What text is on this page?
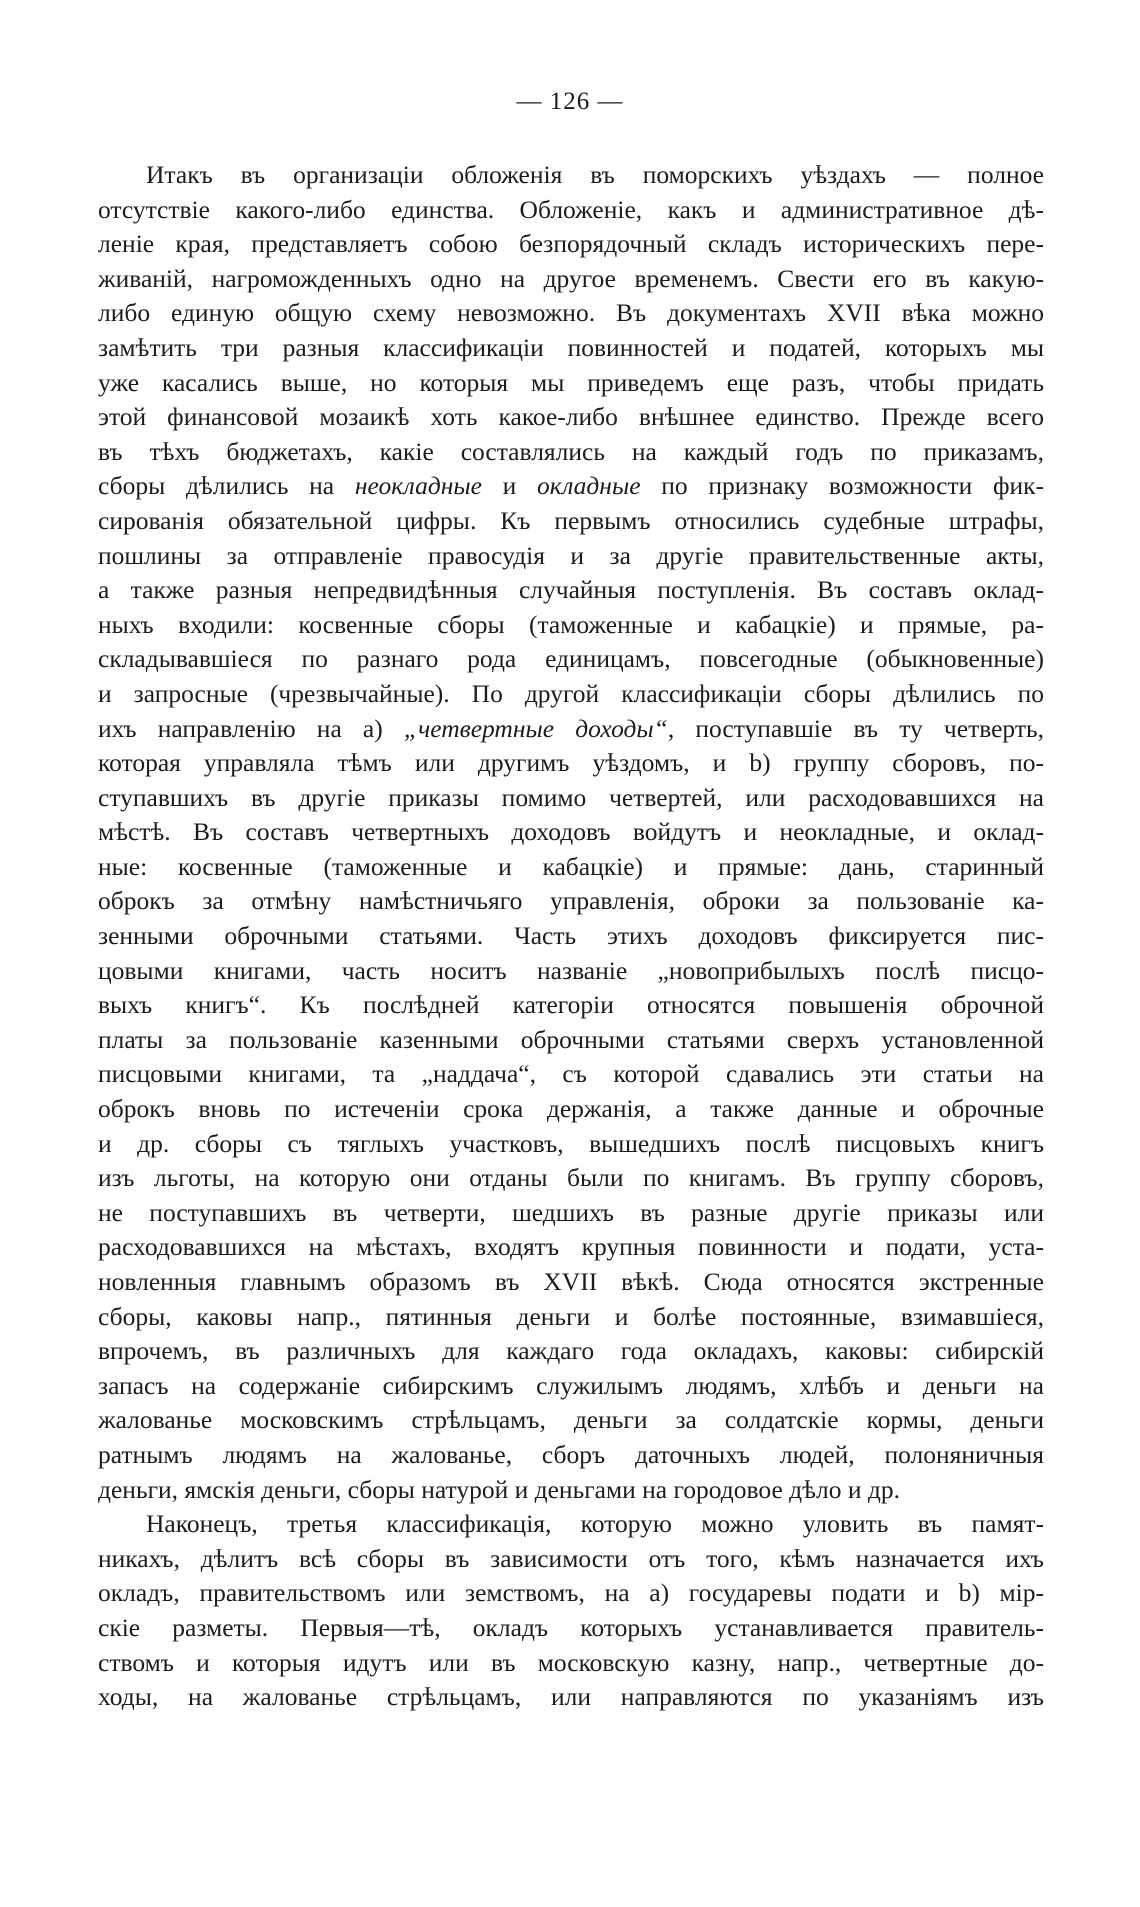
— 126 —
Итакъ въ организаціи обложенія въ поморскихъ уѣздахъ — полное
отсутствіе какого-либо единства. Обложеніе, какъ и административное дѣ-
леніе края, представляетъ собою безпорядочный складъ историческихъ пере-
живаній, нагроможденныхъ одно на другое временемъ. Свести его въ какую-
либо единую общую схему невозможно. Въ документахъ XVII вѣка можно
замѣтить три разныя классификаціи повинностей и податей, которыхъ мы
уже касались выше, но которыя мы приведемъ еще разъ, чтобы придать
этой финансовой мозаикѣ хоть какое-либо внѣшнее единство. Прежде всего
въ тѣхъ бюджетахъ, какіе составлялись на каждый годъ по приказамъ,
сборы дѣлились на неокладные и окладные по признаку возможности фик-
сированія обязательной цифры. Къ первымъ относились судебные штрафы,
пошлины за отправленіе правосудія и за другіе правительственные акты,
а также разныя непредвидѣнныя случайныя поступленія. Въ составъ оклад-
ныхъ входили: косвенные сборы (таможенные и кабацкіе) и прямые, ра-
складывавшіеся по разнаго рода единицамъ, повсегодные (обыкновенные)
и запросные (чрезвычайные). По другой классификаціи сборы дѣлились по
ихъ направленію на а) „четвертные доходы“, поступавшіе въ ту четверть,
которая управляла тѣмъ или другимъ уѣздомъ, и b) группу сборовъ, по-
ступавшихъ въ другіе приказы помимо четвертей, или расходовавшихся на
мѣстѣ. Въ составъ четвертныхъ доходовъ войдутъ и неокладные, и оклад-
ные: косвенные (таможенные и кабацкіе) и прямые: дань, старинный
оброкъ за отмѣну намѣстничьяго управленія, оброки за пользованіе ка-
зенными оброчными статьями. Часть этихъ доходовъ фиксируется пис-
цовыми книгами, часть носитъ названіе „новоприбылыхъ послѣ писцо-
выхъ книгъ“. Къ послѣдней категоріи относятся повышенія оброчной
платы за пользованіе казенными оброчными статьями сверхъ установленной
писцовыми книгами, та „наддача“, съ которой сдавались эти статьи на
оброкъ вновь по истеченіи срока держанія, а также данные и оброчные
и др. сборы съ тяглыхъ участковъ, вышедшихъ послѣ писцовыхъ книгъ
изъ льготы, на которую они отданы были по книгамъ. Въ группу сборовъ,
не поступавшихъ въ четверти, шедшихъ въ разные другіе приказы или
расходовавшихся на мѣстахъ, входятъ крупныя повинности и подати, уста-
новленныя главнымъ образомъ въ XVII вѣкѣ. Сюда относятся экстренные
сборы, каковы напр., пятинныя деньги и болѣе постоянные, взимавшіеся,
впрочемъ, въ различныхъ для каждаго года окладахъ, каковы: сибирскій
запасъ на содержаніе сибирскимъ служилымъ людямъ, хлѣбъ и деньги на
жалованье московскимъ стрѣльцамъ, деньги за солдатскіе кормы, деньги
ратнымъ людямъ на жалованье, сборъ даточныхъ людей, полоняничныя
деньги, ямскія деньги, сборы натурой и деньгами на городовое дѣло и др.
Наконецъ, третья классификація, которую можно уловить въ памят-
никахъ, дѣлитъ всѣ сборы въ зависимости отъ того, кѣмъ назначается ихъ
окладъ, правительствомъ или земствомъ, на а) государевы подати и b) мір-
скіе разметы. Первыя—тѣ, окладъ которыхъ устанавливается правитель-
ствомъ и которыя идутъ или въ московскую казну, напр., четвертные до-
ходы, на жалованье стрѣльцамъ, или направляются по указаніямъ изъ
